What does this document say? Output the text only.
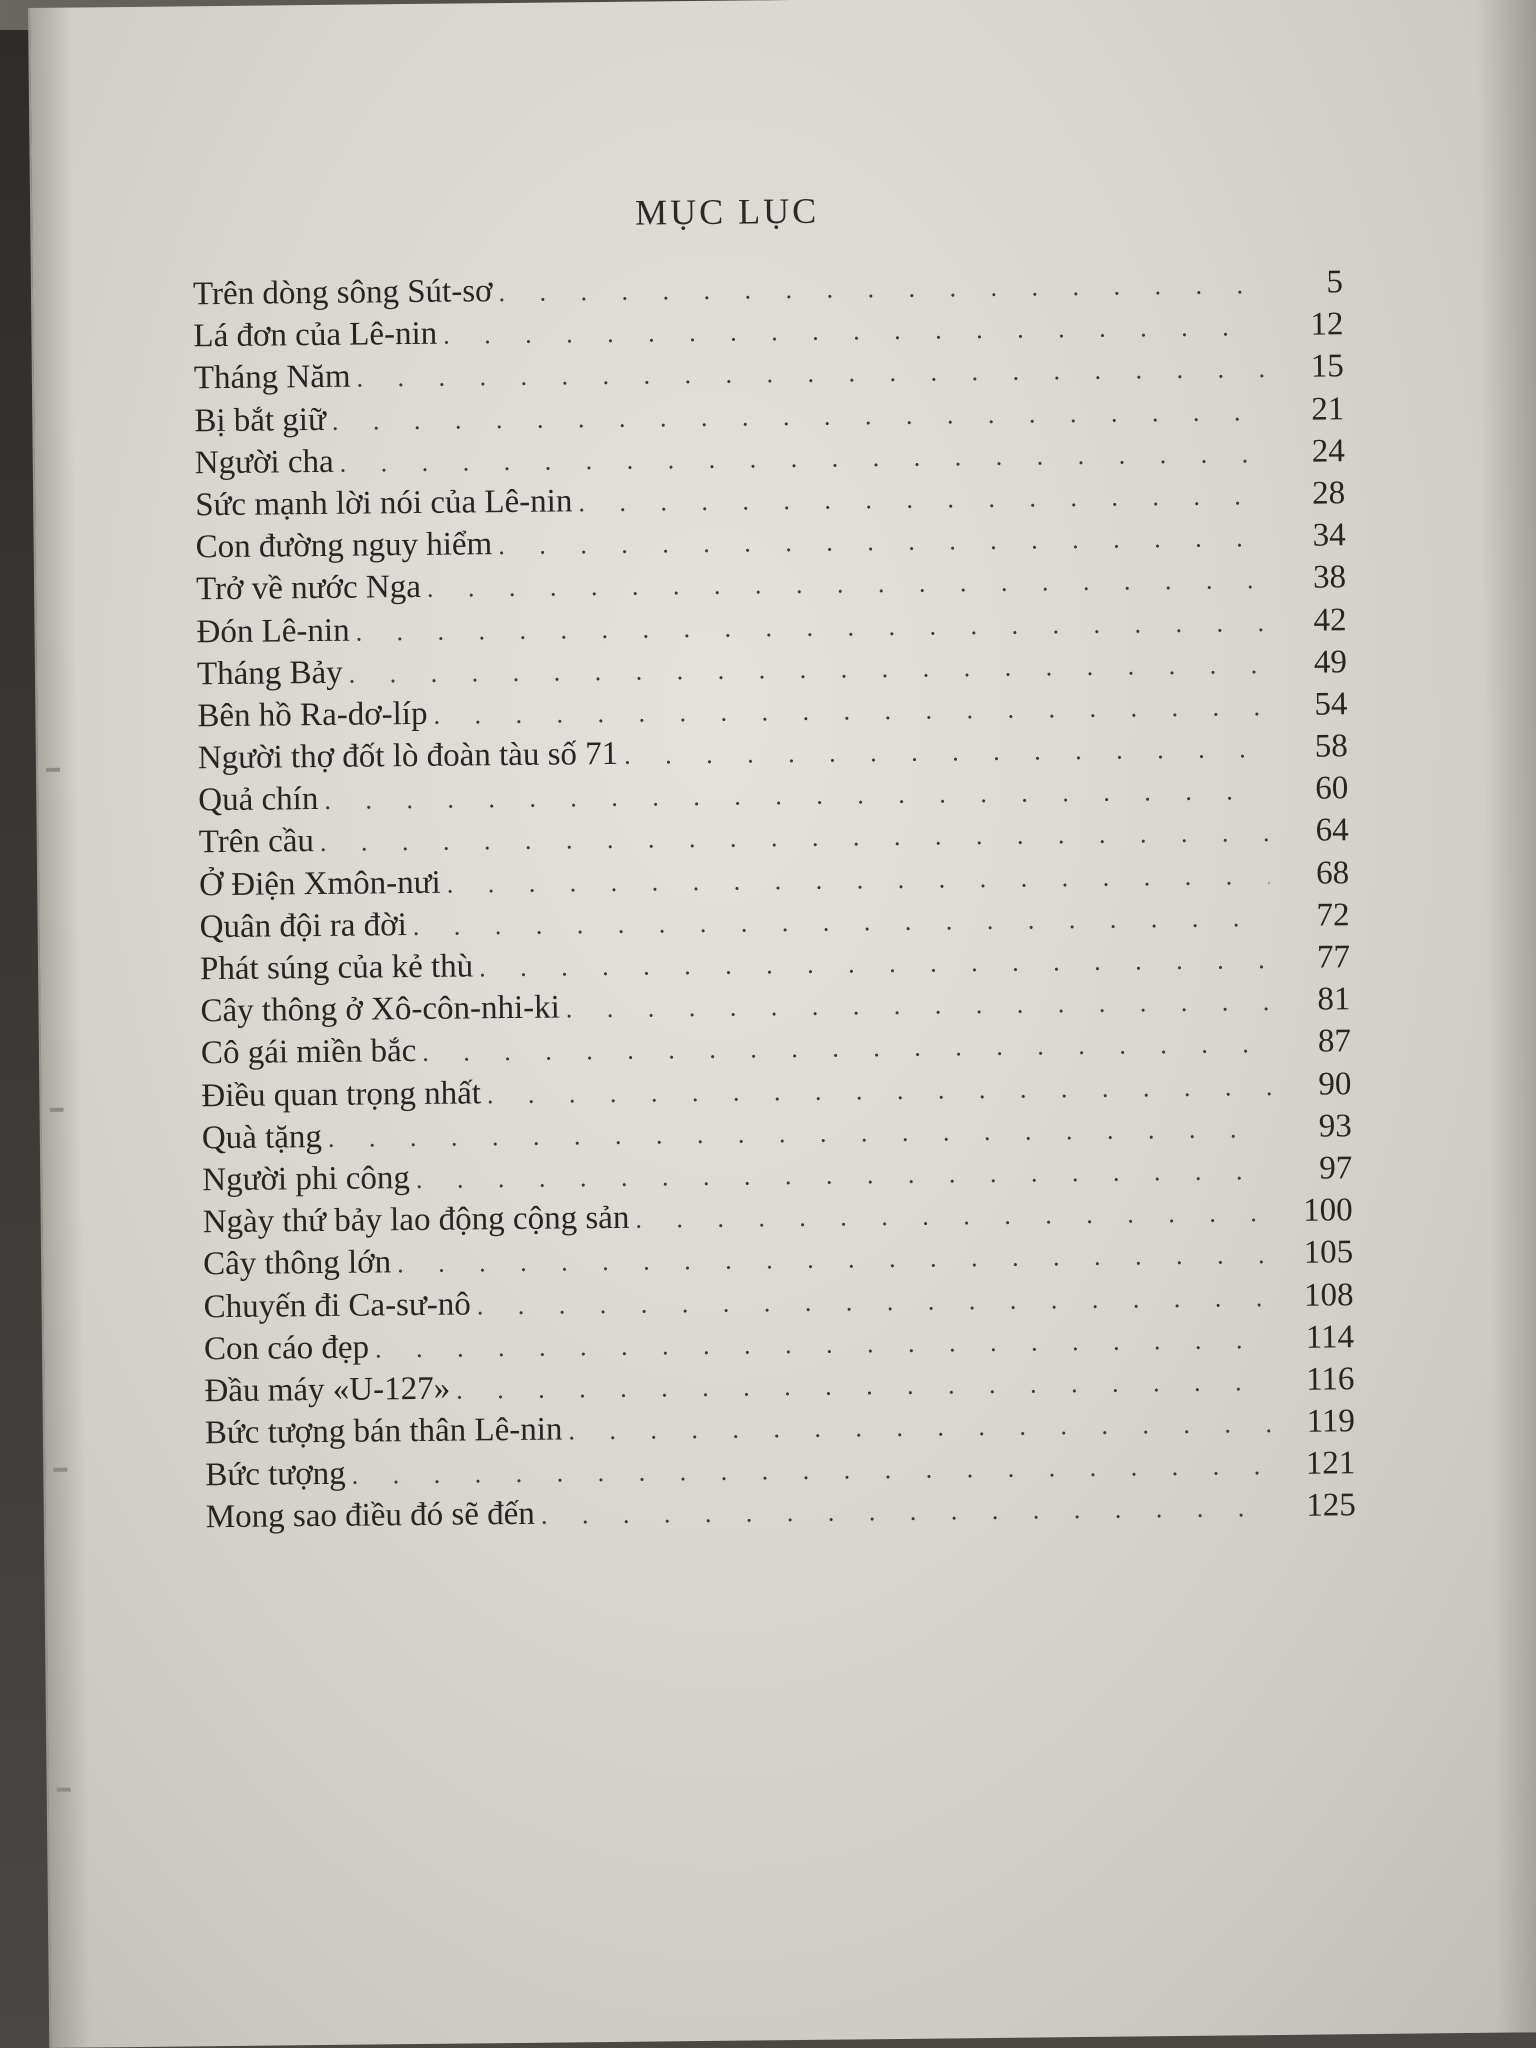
MỤC LỤC
Trên dòng sông Sút-sơ . . .	5
Lá đơn của Lê-nin . . .	12
Tháng Năm . . .	15
Bị bắt giữ . . .	21
Người cha . . .	24
Sức mạnh lời nói của Lê-nin . . .	28
Con đường nguy hiểm . . .	34
Trở về nước Nga . . .	38
Đón Lê-nin . . .	42
Tháng Bảy . . .	49
Bên hồ Ra-dơ-líp . . .	54
Người thợ đốt lò đoàn tàu số 71 . . .	58
Quả chín . . .	60
Trên cầu . . .	64
Ở Điện Xmôn-nưi . . .	68
Quân đội ra đời . . .	72
Phát súng của kẻ thù . . .	77
Cây thông ở Xô-côn-nhi-ki . . .	81
Cô gái miền bắc . . .	87
Điều quan trọng nhất . . .	90
Quà tặng . . .	93
Người phi công . . .	97
Ngày thứ bảy lao động cộng sản . . .	100
Cây thông lớn . . .	105
Chuyến đi Ca-sư-nô . . .	108
Con cáo đẹp . . .	114
Đầu máy «U-127» . . .	116
Bức tượng bán thân Lê-nin . . .	119
Bức tượng . . .	121
Mong sao điều đó sẽ đến . . .	125
